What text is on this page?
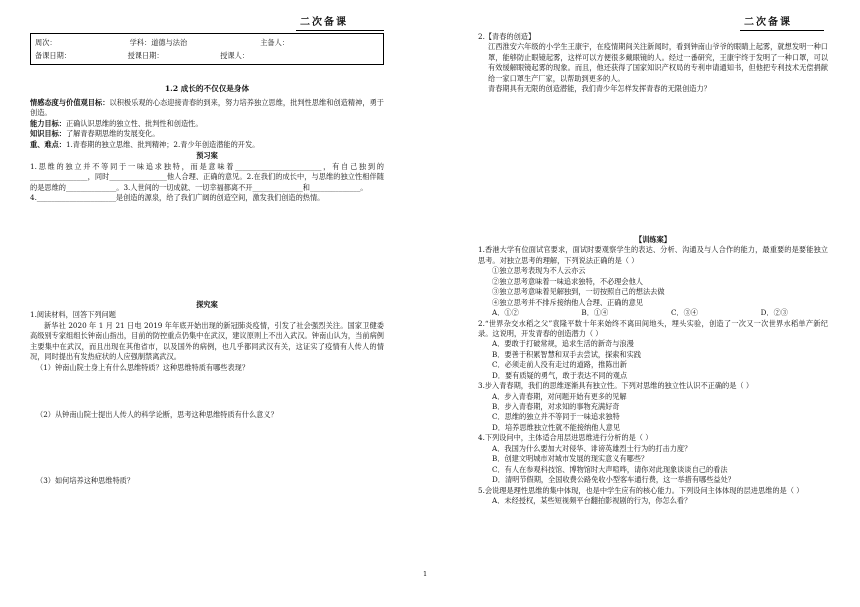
二次备课
周次：	学科：道德与法治	主备人：
备课日期：	授课日期：	授课人：
1.2 成长的不仅仅是身体

情感态度与价值观目标：以积极乐观的心态迎接青春的到来，努力培养独立思维，批判性思维和创造精神，勇于创造。

能力目标：正确认识思维的独立性、批判性和创造性。

知识目标：了解青春期思维的发展变化。

重、难点：1.青春期的独立思维、批判精神；2.青少年创造潜能的开发。

预习案

1.思维的独立并不等同于一味追求独特，而是意味着________________________，有自己独到的________________，同时________________他人合理、正确的意见。2.在我们的成长中，与思维的独立性相伴随的是思维的______________。3.人世间的一切成就、一切幸福都离不开______________和______________。

4.______________________是创造的源泉，给了我们广阔的创造空间，激发我们创造的热情。

探究案

1.阅读材料，回答下列问题

新华社 2020 年 1 月 21 日电 2019 年年底开始出现的新冠肺炎疫情，引发了社会强烈关注。国家卫健委高级别专家组组长钟南山指出，目前的防控重点仍集中在武汉，建议原则上不出入武汉。钟南山认为，当前病例主要集中在武汉，而且出现在其他省市，以及国外的病例，也几乎都同武汉有关，这证实了疫情有人传人的情况，同时提出有发热症状的人应强制禁离武汉。

（1）钟南山院士身上有什么思维特质？这种思维特质有哪些表现？

（2）从钟南山院士提出人传人的科学论断，思考这种思维特质有什么意义？

（3）如何培养这种思维特质？

二次备课

2.【青春的创造】

江西淮安六年级的小学生王康宇，在疫情期间关注新闻时，看到钟南山爷爷的眼睛上起雾，就想发明一种口罩，能够防止眼镜起雾，这样可以方便很多戴眼镜的人。经过一番研究，王康宇终于发明了一种口罩，可以有效缓解眼镜起雾的现象。而且，他还获得了国家知识产权局的专利申请通知书，但他把专利技术无偿捐献给一家口罩生产厂家，以帮助到更多的人。

青春期具有无限的创造潜能，我们青少年怎样发挥青春的无限创造力？

【训练案】

1.香港大学有位面试官要求，面试时要观察学生的表达、分析、沟通及与人合作的能力，最重要的是要能独立思考。对独立思考的理解，下列说法正确的是（ ）

①独立思考表现为不人云亦云

②独立思考意味着一味追求独特，不必理会他人

③独立思考意味着见解独到，一切按照自己的想法去做

④独立思考并不排斥接纳他人合理、正确的意见

A．①②	B．①④	C．③④	D．②③

2.“世界杂交水稻之父”袁隆平数十年来始终不离田间地头，埋头实验，创造了一次又一次世界水稻单产新纪录。这说明，开发青春的创造潜力（ ）

A．要敢于打破常规，追求生活的新奇与浪漫

B．要善于积累智慧和双手去尝试，探索和实践

C．必须走前人没有走过的道路，推陈出新

D．要有质疑的勇气，敢于表达不同的观点

3.步入青春期，我们的思维逐渐具有独立性。下列对思维的独立性认识不正确的是（ ）

A．步入青春期，对问题开始有更多的见解

B．步入青春期，对求知的事物充满好奇

C．思维的独立并不等同于一味追求独特

D．培养思维独立性就不能接纳他人意见

4.下列设问中，主体适合用层进思维进行分析的是（ ）

A．我国为什么要加大对侵华、诽谤英雄烈士行为的打击力度？

B．创建文明城市对城市发展的现实意义有哪些？

C．有人在参观科技馆、博物馆时大声喧哗，请你对此现象谈谈自己的看法

D．清明节假期，全国收费公路免收小型客车通行费，这一举措有哪些益处？

5.会说理是理性思维的集中体现，也是中学生应有的核心能力。下列设问主体体现的层进思维的是（ ）

A．未经授权，某些短视频平台翻拍影视剧的行为，你怎么看？

1
